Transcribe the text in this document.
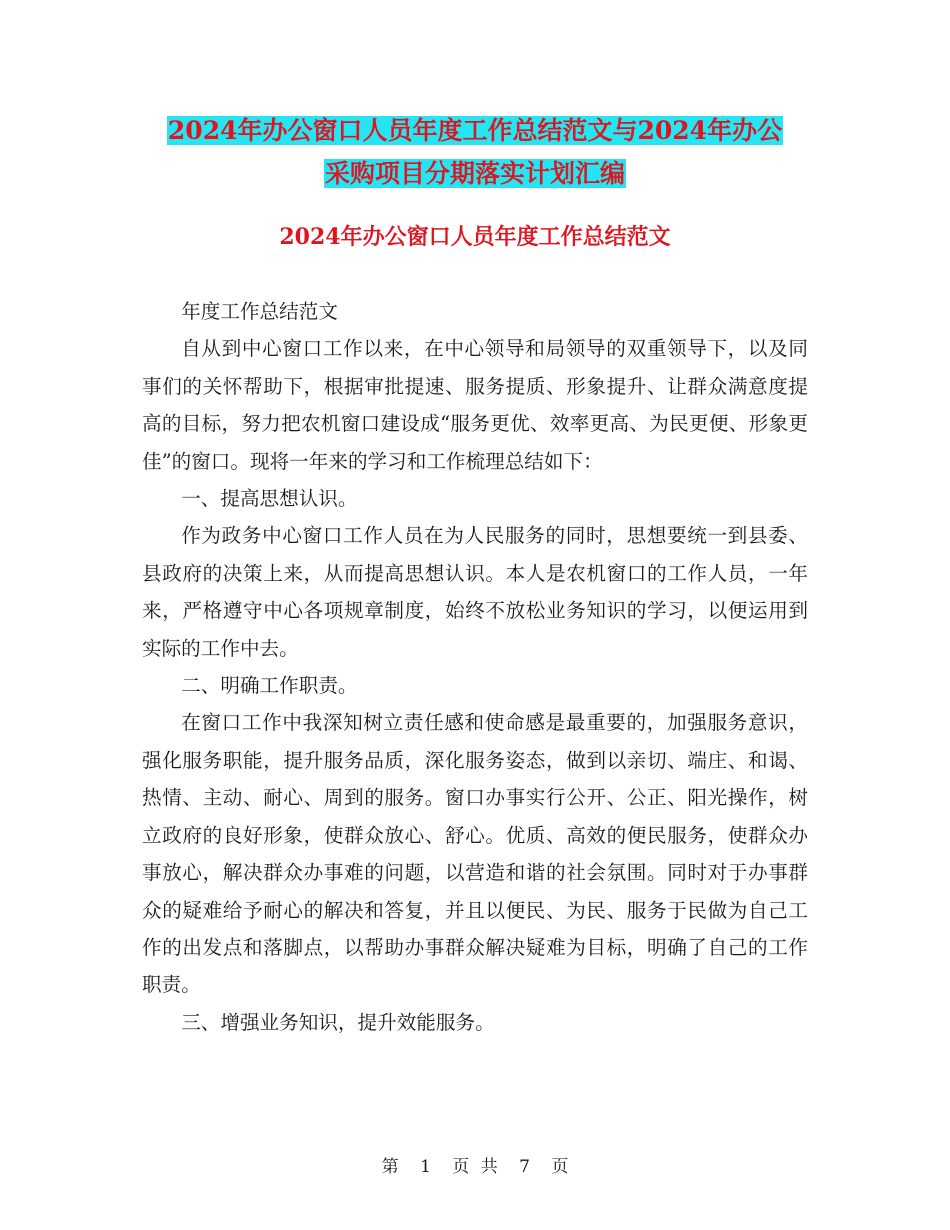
2024年办公窗口人员年度工作总结范文与2024年办公
采购项目分期落实计划汇编
2024年办公窗口人员年度工作总结范文

年度工作总结范文

自从到中心窗口工作以来，在中心领导和局领导的双重领导下，以及同事们的关怀帮助下，根据审批提速、服务提质、形象提升、让群众满意度提高的目标，努力把农机窗口建设成“服务更优、效率更高、为民更便、形象更佳”的窗口。现将一年来的学习和工作梳理总结如下：

一、提高思想认识。

作为政务中心窗口工作人员在为人民服务的同时，思想要统一到县委、县政府的决策上来，从而提高思想认识。本人是农机窗口的工作人员，一年来，严格遵守中心各项规章制度，始终不放松业务知识的学习，以便运用到实际的工作中去。

二、明确工作职责。

在窗口工作中我深知树立责任感和使命感是最重要的，加强服务意识，强化服务职能，提升服务品质，深化服务姿态，做到以亲切、端庄、和谒、热情、主动、耐心、周到的服务。窗口办事实行公开、公正、阳光操作，树立政府的良好形象，使群众放心、舒心。优质、高效的便民服务，使群众办事放心，解决群众办事难的问题，以营造和谐的社会氛围。同时对于办事群众的疑难给予耐心的解决和答复，并且以便民、为民、服务于民做为自己工作的出发点和落脚点，以帮助办事群众解决疑难为目标，明确了自己的工作职责。

三、增强业务知识，提升效能服务。

第 1 页 共 7 页
